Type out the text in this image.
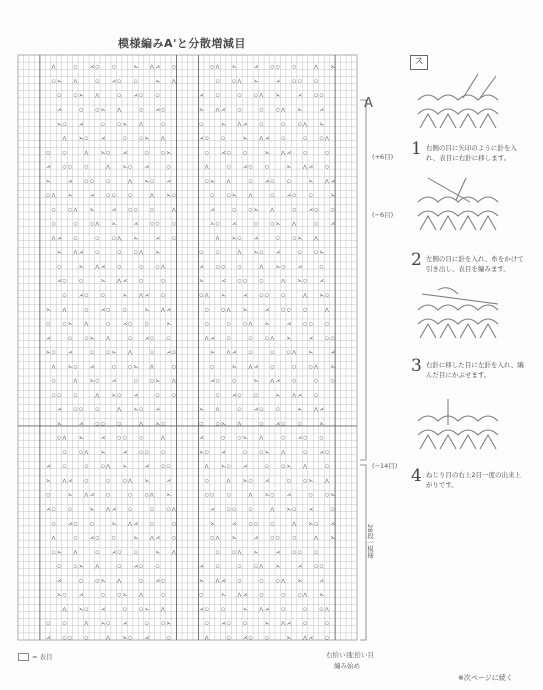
模様編みA'と分散増減目
⋀	○	⋌ ○	○	⋋	⋀ ⋌	○	○ ⋀	⋋	⋌	○ ○	○	⋀	⋋
○ ⋋	⋀	○	⋌ ○	○	⋋	⋀	○	○ ⋀	⋋	⋌	○ ○	○
○	○ ⋋	⋀	○	⋌ ○	○	⋌	○	○	○ ⋀	⋋	⋌	○ ○
⋌	○	○ ⋋	⋀	○	⋌ ○	⋋	⋀ ⋌	○	○	○ ⋀	⋋	⋌
⋋ ○	⋌	○	○ ⋋	⋀	○	○	⋋	⋀ ⋌	○	○	○ ⋀	⋋
⋀	⋋ ○	⋌	○	○ ⋋	⋀	⋌ ○	○	⋋	⋀ ⋌	○	○	○ ⋀
○	○	⋀	⋋ ○	⋌	○	○ ⋋	○	⋌ ○	○	⋋	⋀ ⋌	○	○
⋌	○ ○	○	⋀	⋋ ○	⋌	○	⋀	○	⋌ ○	○	⋋	⋀ ⋌	○
⋋	⋌	○ ○	○	⋀	⋋ ○	⋌	○ ⋋	⋀	○	⋌ ○	○	⋋	⋀ ⋌
○ ⋀	⋋	⋌	○ ○	○	⋀	⋋ ○	○	○ ⋋	⋀	○	⋌ ○	○	⋋
○	○ ⋀	⋋	⋌	○ ○	○	⋀	⋌	○	○ ⋋	⋀	○	⋌ ○	○
○	○	○ ⋀	⋋	⋌	○ ○	○	⋋ ○	⋌	○	○ ⋋	⋀	○	⋌
⋀ ⋌	○	○	○ ⋀	⋋	⋌	○	⋀	⋋ ○	⋌	○	○ ⋋	⋀
⋋	⋀ ⋌	○	○	○ ⋀	⋋	○	○	⋀	⋋ ○	⋌	○	○ ⋋
○	⋋	⋀ ⋌	○	○	○ ⋀	⋌	○ ○	○	⋀	⋋ ○	⋌	○
⋌ ○	○	⋋	⋀ ⋌	○	○	⋋	⋌	○ ○	○	⋀	⋋ ○	⋌
○	⋌ ○	○	⋋	⋀ ⋌	○	○ ⋀	⋋	⋌	○ ○	○	⋀	⋋ ○
⋋	⋀	○	⋌ ○	○	⋋	⋀ ⋌	○	○ ⋀	⋋	⋌	○ ○	○	⋀
○	○ ⋋	⋀	○	⋌ ○	○	⋋	○	○	○ ⋀	⋋	⋌	○ ○	○
⋌	○	○ ⋋	⋀	○	⋌ ○	○	⋀ ⋌	○	○	○ ⋀	⋋	⋌	○ ○
⋋ ○	⋌	○	○ ⋋	⋀	○	⋌ ○	⋋	⋀ ⋌	○	○	○ ⋀	⋋	⋌
⋀	⋋ ○	⋌	○	○ ⋋	⋀	○	○	⋋	⋀ ⋌	○	○	○ ⋀	⋋
○	⋀	⋋ ○	⋌	○	○ ⋋	⋀	⋌ ○	○	⋋	⋀ ⋌	○	○	○
○ ○	○	⋀	⋋ ○	⋌	○	○	○	⋌ ○	○	⋋	⋀ ⋌	○
⋌	○ ○	○	⋀	⋋ ○	⋌	⋋	⋀	○	⋌ ○	○	⋋	⋀ ⋌
⋋	⋌	○ ○	○	⋀	⋋ ○	○	○ ⋋	⋀	○	⋌ ○	○	⋋
○ ⋀	⋋	⋌	○ ○	○	⋀	⋌	○	○ ⋋	⋀	○	⋌ ○	○
○	○ ⋀	⋋	⋌	○ ○	○	⋋ ○	⋌	○	○ ⋋	⋀	○	⋌ ○
⋌	○	○	○ ⋀	⋋	⋌	○ ○	⋀	⋋ ○	⋌	○	○ ⋋	⋀	○
⋋	⋀ ⋌	○	○	○ ⋀	⋋	⋌	○	⋀	⋋ ○	⋌	○	○ ⋋	⋀
○	⋋	⋀ ⋌	○	○	○ ⋀	⋋	○ ○	○	⋀	⋋ ○	⋌	○	○ ⋋
⋌ ○	○	⋋	⋀ ⋌	○	○	○ ⋀	⋌	○ ○	○	⋀	⋋ ○	⋌	○
○	⋌ ○	○	⋋	⋀ ⋌	○	○	⋋	⋌	○ ○	○	⋀	⋋ ○	⋌
⋀	○	⋌ ○	○	⋋	⋀ ⋌	○	○ ⋀	⋋	⋌	○ ○	○	⋀	⋋
○ ⋋	⋀	○	⋌ ○	○	⋋	⋀	○	○ ⋀	⋋	⋌	○ ○	○
○	○ ⋋	⋀	○	⋌ ○	○	⋌	○	○	○ ⋀	⋋	⋌	○ ○
⋌	○	○ ⋋	⋀	○	⋌ ○	⋋	⋀ ⋌	○	○	○ ⋀	⋋	⋌
⋋ ○	⋌	○	○ ⋋	⋀	○	○	⋋	⋀ ⋌	○	○	○ ⋀	⋋
⋀	⋋ ○	⋌	○	○ ⋋	⋀	⋌ ○	○	⋋	⋀ ⋌	○	○	○ ⋀
○	○	⋀	⋋ ○	⋌	○	○ ⋋	○	⋌ ○	○	⋋	⋀ ⋌	○	○
⋌	○ ○	○	⋀	⋋ ○	⋌	○	⋀	○	⋌ ○	○	⋋	⋀ ⋌	○
A
(+6目)
(−6目)
(−14目)
28段一模様
右拾い目
左拾い目
編み始め
= 表目
ス
1 右側の目に矢印のように針を入れ、表目に右針に移します。
2 左側の目に針を入れ、糸をかけて引き出し、表目を編みます。
3 右針に移した目に左針を入れ、編んだ目にかぶせます。
4 ねじり目の右上2目一度の出来上がりです。
※次ページに続く
